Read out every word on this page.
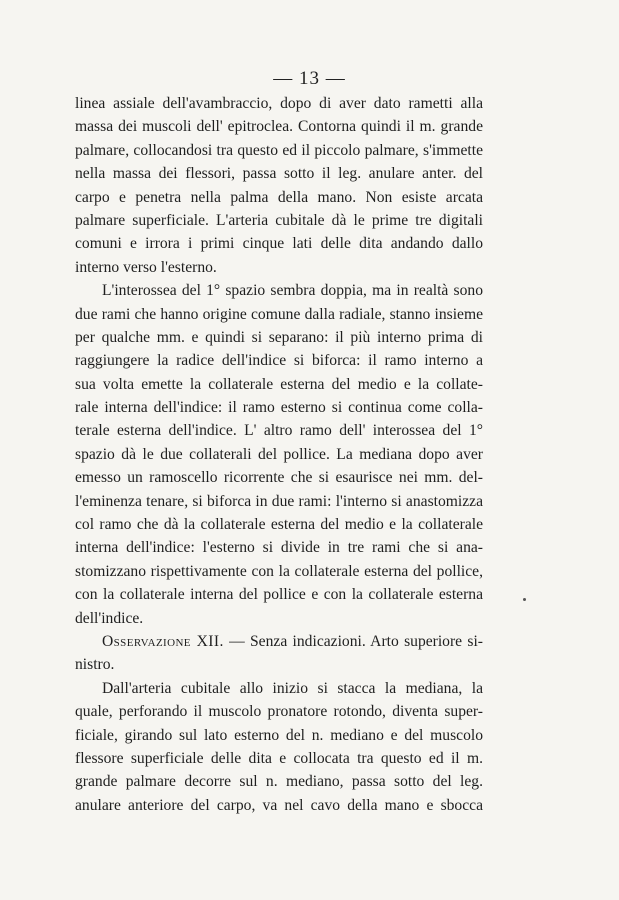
— 13 —
linea assiale dell'avambraccio, dopo di aver dato rametti alla
massa dei muscoli dell' epitroclea. Contorna quindi il m. grande
palmare, collocandosi tra questo ed il piccolo palmare, s'immette
nella massa dei flessori, passa sotto il leg. anulare anter. del
carpo e penetra nella palma della mano. Non esiste arcata
palmare superficiale. L'arteria cubitale dà le prime tre digitali
comuni e irrora i primi cinque lati delle dita andando dallo
interno verso l'esterno.
L'interossea del 1° spazio sembra doppia, ma in realtà sono
due rami che hanno origine comune dalla radiale, stanno insieme
per qualche mm. e quindi si separano: il più interno prima di
raggiungere la radice dell'indice si biforca: il ramo interno a
sua volta emette la collaterale esterna del medio e la collate-
rale interna dell'indice: il ramo esterno si continua come colla-
terale esterna dell'indice. L' altro ramo dell' interossea del 1°
spazio dà le due collaterali del pollice. La mediana dopo aver
emesso un ramoscello ricorrente che si esaurisce nei mm. del-
l'eminenza tenare, si biforca in due rami: l'interno si anastomizza
col ramo che dà la collaterale esterna del medio e la collaterale
interna dell'indice: l'esterno si divide in tre rami che si ana-
stomizzano rispettivamente con la collaterale esterna del pollice,
con la collaterale interna del pollice e con la collaterale esterna
dell'indice.
Osservazione XII. — Senza indicazioni. Arto superiore si-
nistro.
Dall'arteria cubitale allo inizio si stacca la mediana, la
quale, perforando il muscolo pronatore rotondo, diventa super-
ficiale, girando sul lato esterno del n. mediano e del muscolo
flessore superficiale delle dita e collocata tra questo ed il m.
grande palmare decorre sul n. mediano, passa sotto del leg.
anulare anteriore del carpo, va nel cavo della mano e sbocca
